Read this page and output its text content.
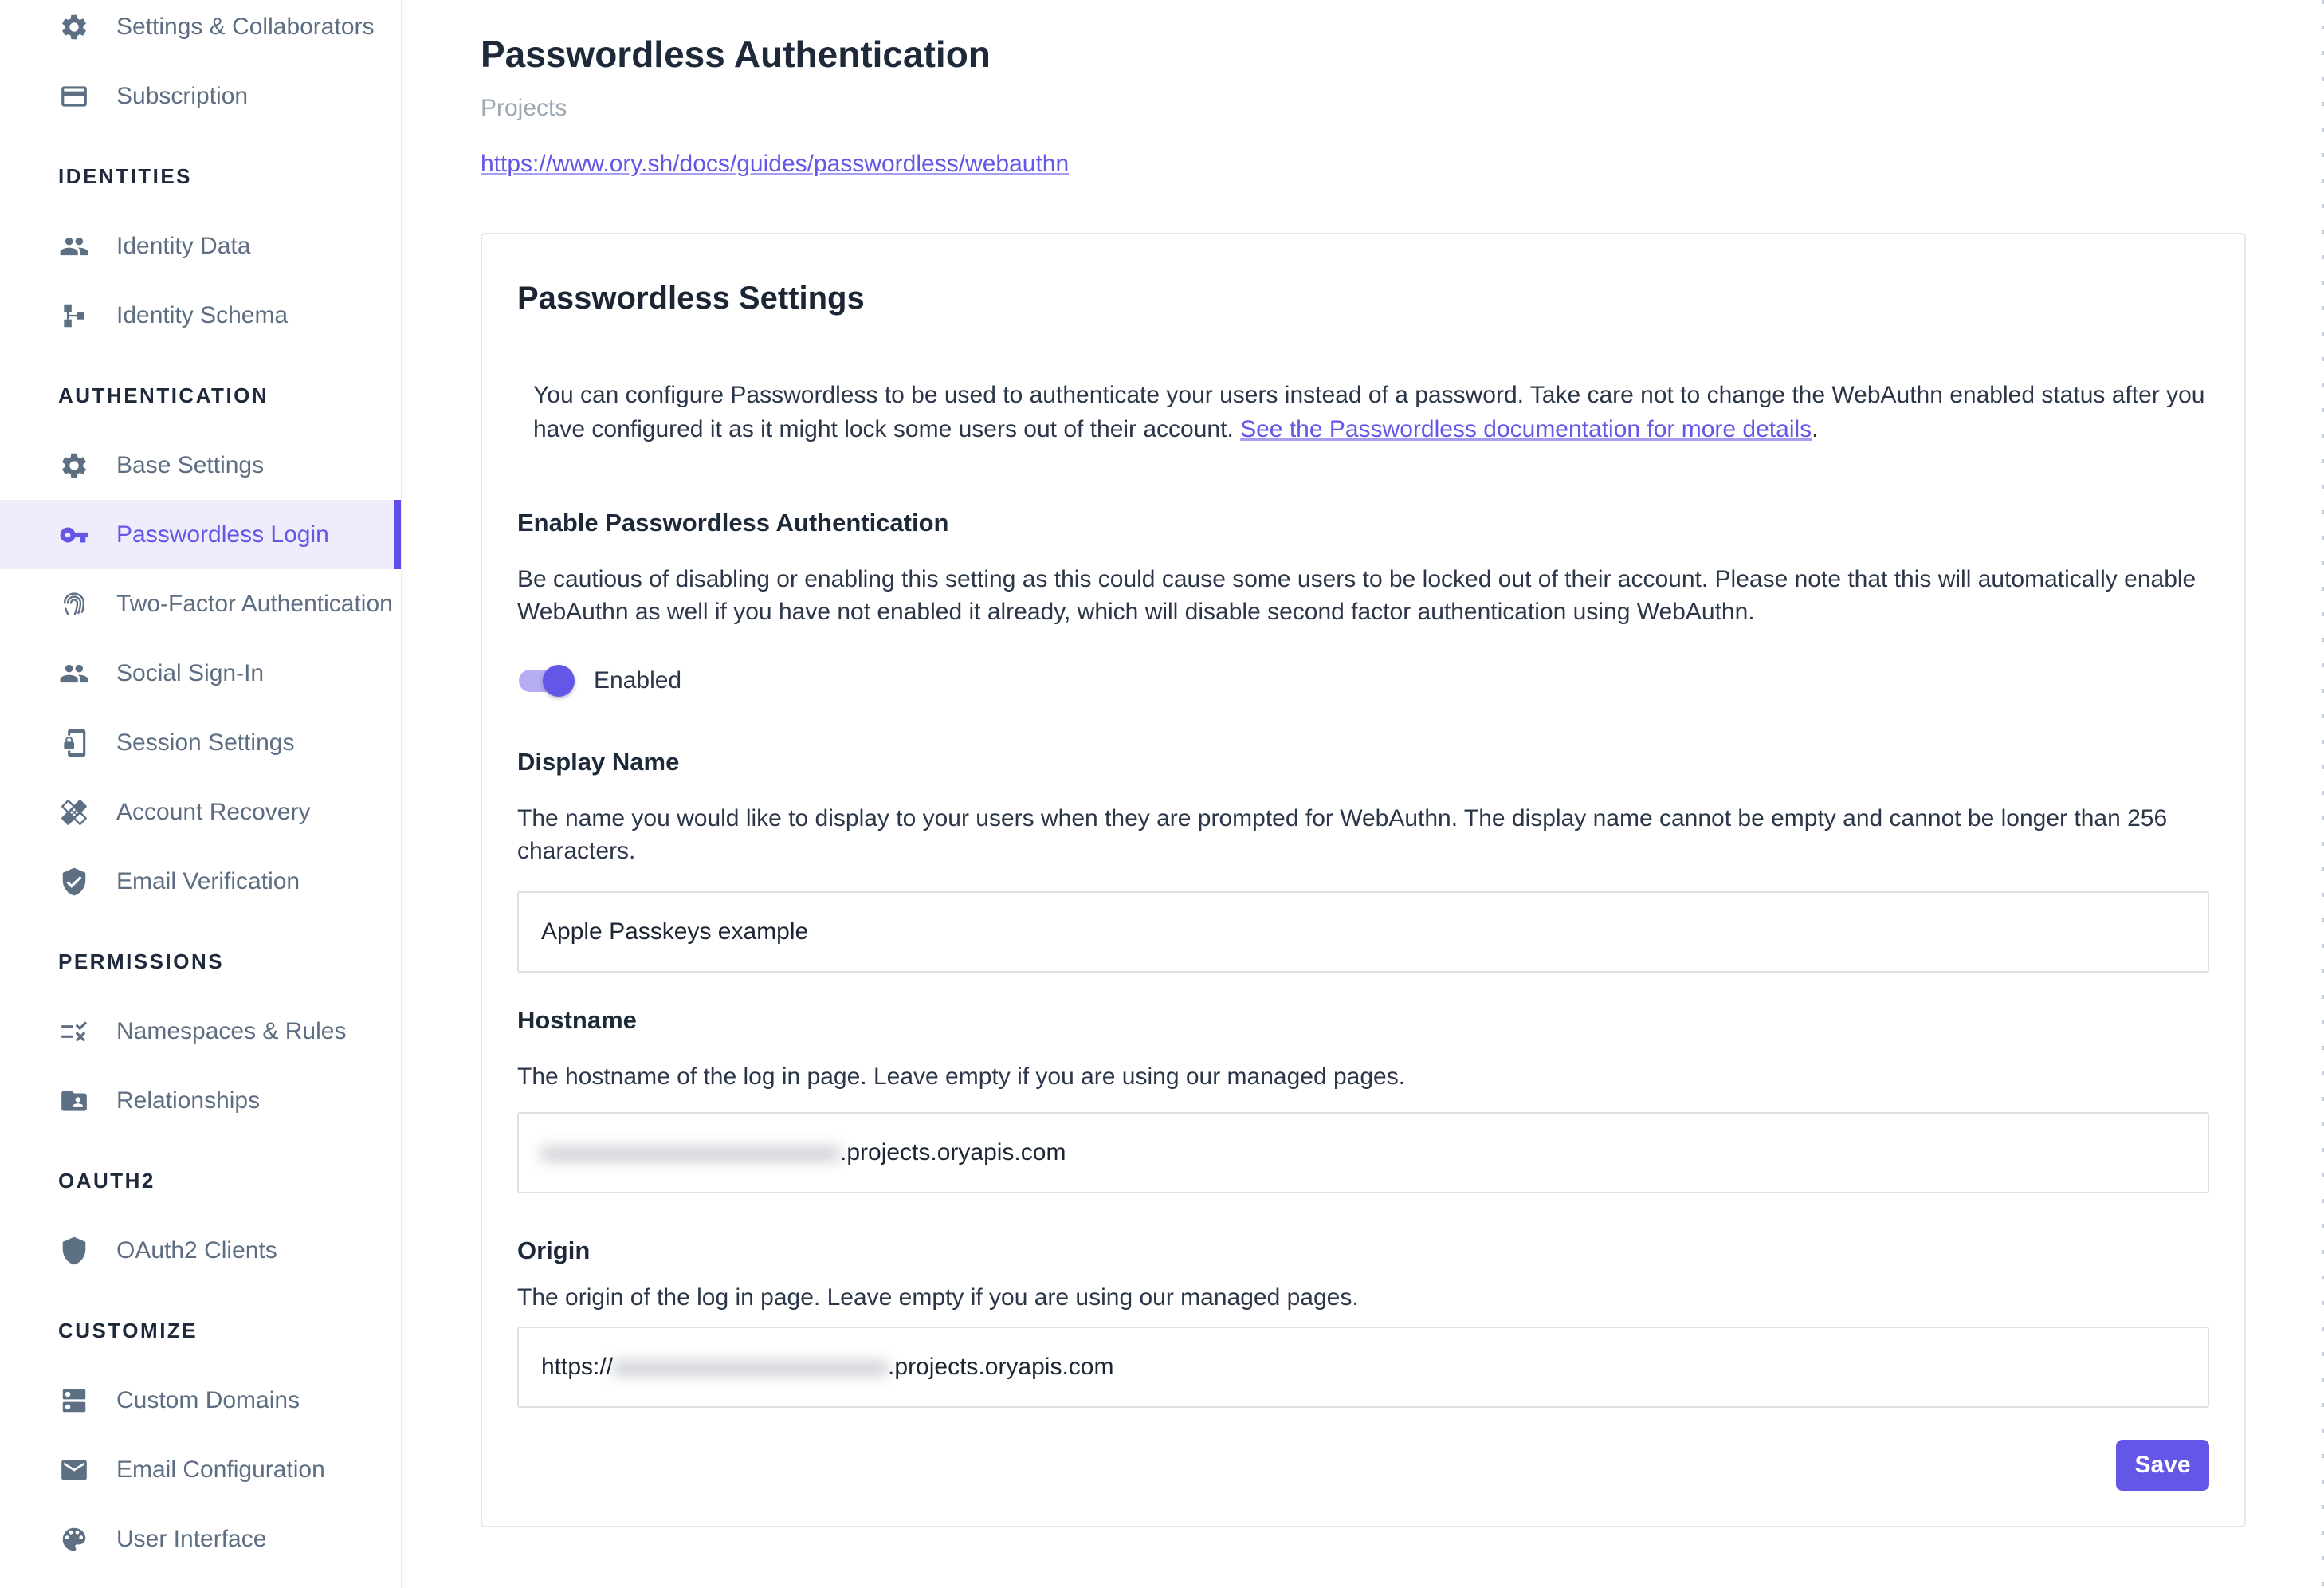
Settings & Collaborators
Subscription
IDENTITIES
Identity Data
Identity Schema
AUTHENTICATION
Base Settings
Passwordless Login
Two-Factor Authentication
Social Sign-In
Session Settings
Account Recovery
Email Verification
PERMISSIONS
Namespaces & Rules
Relationships
OAUTH2
OAuth2 Clients
CUSTOMIZE
Custom Domains
Email Configuration
User Interface
Passwordless Authentication
Projects
https://www.ory.sh/docs/guides/passwordless/webauthn
Passwordless Settings
You can configure Passwordless to be used to authenticate your users instead of a password. Take care not to change the WebAuthn enabled status after you have configured it as it might lock some users out of their account. See the Passwordless documentation for more details.
Enable Passwordless Authentication
Be cautious of disabling or enabling this setting as this could cause some users to be locked out of their account. Please note that this will automatically enable WebAuthn as well if you have not enabled it already, which will disable second factor authentication using WebAuthn.
Enabled
Display Name
The name you would like to display to your users when they are prompted for WebAuthn. The display name cannot be empty and cannot be longer than 256 characters.
Apple Passkeys example
Hostname
The hostname of the log in page. Leave empty if you are using our managed pages.
xxxxxxxxxxxxxxxxxxxxxxxxx .projects.oryapis.com
Origin
The origin of the log in page. Leave empty if you are using our managed pages.
https:// xxxxxxxxxxxxxxxxxxxxxxx .projects.oryapis.com
Save
